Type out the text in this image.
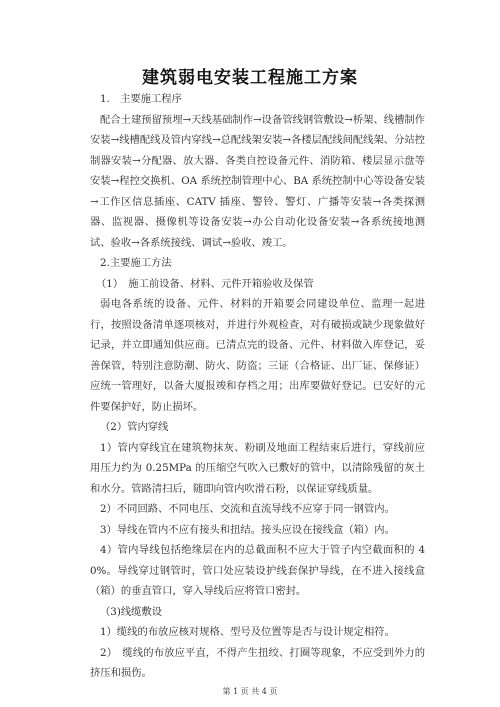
建筑弱电安装工程施工方案

1.　主要施工程序

配合土建预留预埋→天线基础制作→设备管线钢管敷设→桥架、线槽制作安装→线槽配线及管内穿线→总配线架安装→各楼层配线间配线架、分站控制器安装→分配器、放大器、各类自控设备元件、消防箱、楼层显示盘等安装→程控交换机、OA 系统控制管理中心、BA 系统控制中心等设备安装→工作区信息插座、CATV 插座、警铃、警灯、广播等安装→各类探测器、监视器、摄像机等设备安装→办公自动化设备安装→各系统接地测试、验收→各系统接线、调试→验收、竣工。

2.主要施工方法

（1）　施工前设备、材料、元件开箱验收及保管

弱电各系统的设备、元件、材料的开箱要会同建设单位、监理一起进行，按照设备清单逐项核对，并进行外观检查，对有破损或缺少现象做好记录，并立即通知供应商。已清点完的设备、元件、材料做入库登记，妥善保管，特别注意防潮、防火、防盗；三证（合格证、出厂证、保修证）应统一管理好，以备大厦报竣和存档之用；出库要做好登记。已安好的元件要保护好，防止损坏。

（2）管内穿线

1）管内穿线宜在建筑物抹灰、粉刷及地面工程结束后进行，穿线前应用压力约为 0.25MPa 的压缩空气吹入已敷好的管中，以清除残留的灰土和水分。管路清扫后，随即向管内吹滑石粉，以保证穿线质量。

2）不同回路、不同电压、交流和直流导线不应穿于同一钢管内。

3）导线在管内不应有接头和扭结。接头应设在接线盒（箱）内。

4）管内导线包括绝缘层在内的总截面积不应大于管子内空截面积的 40%。导线穿过钢管时，管口处应装设护线套保护导线，在不进入接线盒（箱）的垂直管口，穿入导线后应将管口密封。

（3)线缆敷设

1）缆线的布放应核对规格、型号及位置等是否与设计规定相符。

2）　缆线的布放应平直，不得产生扭绞、打圈等现象，不应受到外力的挤压和损伤。

第 1 页 共 4 页
